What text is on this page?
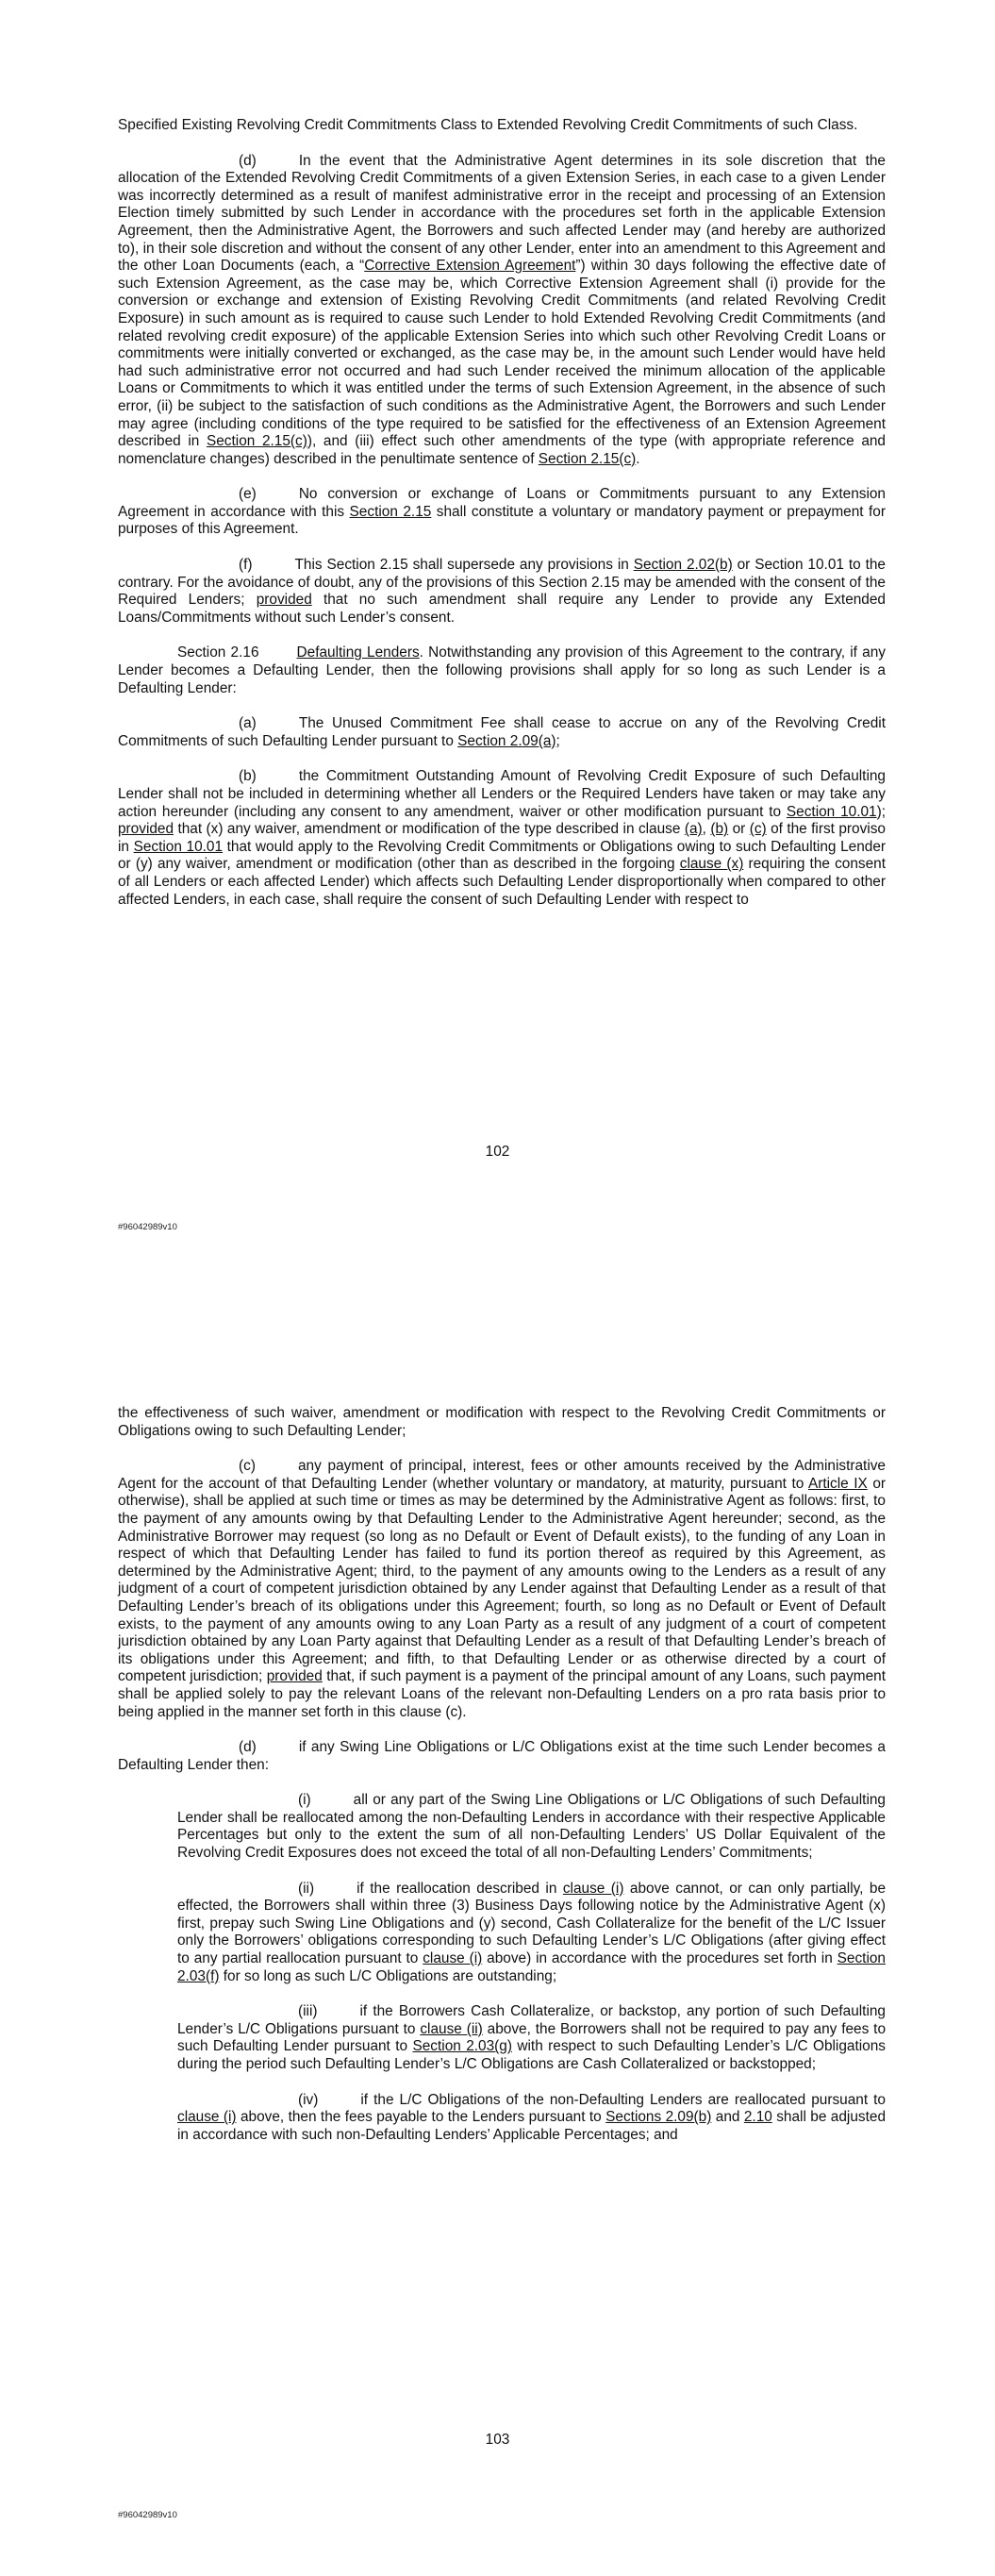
Specified Existing Revolving Credit Commitments Class to Extended Revolving Credit Commitments of such Class.

(d)	In the event that the Administrative Agent determines in its sole discretion that the allocation of the Extended Revolving Credit Commitments of a given Extension Series, in each case to a given Lender was incorrectly determined as a result of manifest administrative error in the receipt and processing of an Extension Election timely submitted by such Lender in accordance with the procedures set forth in the applicable Extension Agreement, then the Administrative Agent, the Borrowers and such affected Lender may (and hereby are authorized to), in their sole discretion and without the consent of any other Lender, enter into an amendment to this Agreement and the other Loan Documents (each, a “Corrective Extension Agreement”) within 30 days following the effective date of such Extension Agreement, as the case may be, which Corrective Extension Agreement shall (i) provide for the conversion or exchange and extension of Existing Revolving Credit Commitments (and related Revolving Credit Exposure) in such amount as is required to cause such Lender to hold Extended Revolving Credit Commitments (and related revolving credit exposure) of the applicable Extension Series into which such other Revolving Credit Loans or commitments were initially converted or exchanged, as the case may be, in the amount such Lender would have held had such administrative error not occurred and had such Lender received the minimum allocation of the applicable Loans or Commitments to which it was entitled under the terms of such Extension Agreement, in the absence of such error, (ii) be subject to the satisfaction of such conditions as the Administrative Agent, the Borrowers and such Lender may agree (including conditions of the type required to be satisfied for the effectiveness of an Extension Agreement described in Section 2.15(c)), and (iii) effect such other amendments of the type (with appropriate reference and nomenclature changes) described in the penultimate sentence of Section 2.15(c).

(e)	No conversion or exchange of Loans or Commitments pursuant to any Extension Agreement in accordance with this Section 2.15 shall constitute a voluntary or mandatory payment or prepayment for purposes of this Agreement.

(f)	This Section 2.15 shall supersede any provisions in Section 2.02(b) or Section 10.01 to the contrary. For the avoidance of doubt, any of the provisions of this Section 2.15 may be amended with the consent of the Required Lenders; provided that no such amendment shall require any Lender to provide any Extended Loans/Commitments without such Lender’s consent.

Section 2.16	Defaulting Lenders. Notwithstanding any provision of this Agreement to the contrary, if any Lender becomes a Defaulting Lender, then the following provisions shall apply for so long as such Lender is a Defaulting Lender:

(a)	The Unused Commitment Fee shall cease to accrue on any of the Revolving Credit Commitments of such Defaulting Lender pursuant to Section 2.09(a);

(b)	the Commitment Outstanding Amount of Revolving Credit Exposure of such Defaulting Lender shall not be included in determining whether all Lenders or the Required Lenders have taken or may take any action hereunder (including any consent to any amendment, waiver or other modification pursuant to Section 10.01); provided that (x) any waiver, amendment or modification of the type described in clause (a), (b) or (c) of the first proviso in Section 10.01 that would apply to the Revolving Credit Commitments or Obligations owing to such Defaulting Lender or (y) any waiver, amendment or modification (other than as described in the forgoing clause (x) requiring the consent of all Lenders or each affected Lender) which affects such Defaulting Lender disproportionally when compared to other affected Lenders, in each case, shall require the consent of such Defaulting Lender with respect to

102
#96042989v10

the effectiveness of such waiver, amendment or modification with respect to the Revolving Credit Commitments or Obligations owing to such Defaulting Lender;

(c)	any payment of principal, interest, fees or other amounts received by the Administrative Agent for the account of that Defaulting Lender (whether voluntary or mandatory, at maturity, pursuant to Article IX or otherwise), shall be applied at such time or times as may be determined by the Administrative Agent as follows: first, to the payment of any amounts owing by that Defaulting Lender to the Administrative Agent hereunder; second, as the Administrative Borrower may request (so long as no Default or Event of Default exists), to the funding of any Loan in respect of which that Defaulting Lender has failed to fund its portion thereof as required by this Agreement, as determined by the Administrative Agent; third, to the payment of any amounts owing to the Lenders as a result of any judgment of a court of competent jurisdiction obtained by any Lender against that Defaulting Lender as a result of that Defaulting Lender’s breach of its obligations under this Agreement; fourth, so long as no Default or Event of Default exists, to the payment of any amounts owing to any Loan Party as a result of any judgment of a court of competent jurisdiction obtained by any Loan Party against that Defaulting Lender as a result of that Defaulting Lender’s breach of its obligations under this Agreement; and fifth, to that Defaulting Lender or as otherwise directed by a court of competent jurisdiction; provided that, if such payment is a payment of the principal amount of any Loans, such payment shall be applied solely to pay the relevant Loans of the relevant non-Defaulting Lenders on a pro rata basis prior to being applied in the manner set forth in this clause (c).

(d)	if any Swing Line Obligations or L/C Obligations exist at the time such Lender becomes a Defaulting Lender then:

(i)	all or any part of the Swing Line Obligations or L/C Obligations of such Defaulting Lender shall be reallocated among the non-Defaulting Lenders in accordance with their respective Applicable Percentages but only to the extent the sum of all non-Defaulting Lenders’ US Dollar Equivalent of the Revolving Credit Exposures does not exceed the total of all non-Defaulting Lenders’ Commitments;

(ii)	if the reallocation described in clause (i) above cannot, or can only partially, be effected, the Borrowers shall within three (3) Business Days following notice by the Administrative Agent (x) first, prepay such Swing Line Obligations and (y) second, Cash Collateralize for the benefit of the L/C Issuer only the Borrowers’ obligations corresponding to such Defaulting Lender’s L/C Obligations (after giving effect to any partial reallocation pursuant to clause (i) above) in accordance with the procedures set forth in Section 2.03(f) for so long as such L/C Obligations are outstanding;

(iii)	if the Borrowers Cash Collateralize, or backstop, any portion of such Defaulting Lender’s L/C Obligations pursuant to clause (ii) above, the Borrowers shall not be required to pay any fees to such Defaulting Lender pursuant to Section 2.03(g) with respect to such Defaulting Lender’s L/C Obligations during the period such Defaulting Lender’s L/C Obligations are Cash Collateralized or backstopped;

(iv)	if the L/C Obligations of the non-Defaulting Lenders are reallocated pursuant to clause (i) above, then the fees payable to the Lenders pursuant to Sections 2.09(b) and 2.10 shall be adjusted in accordance with such non-Defaulting Lenders’ Applicable Percentages; and

103
#96042989v10
